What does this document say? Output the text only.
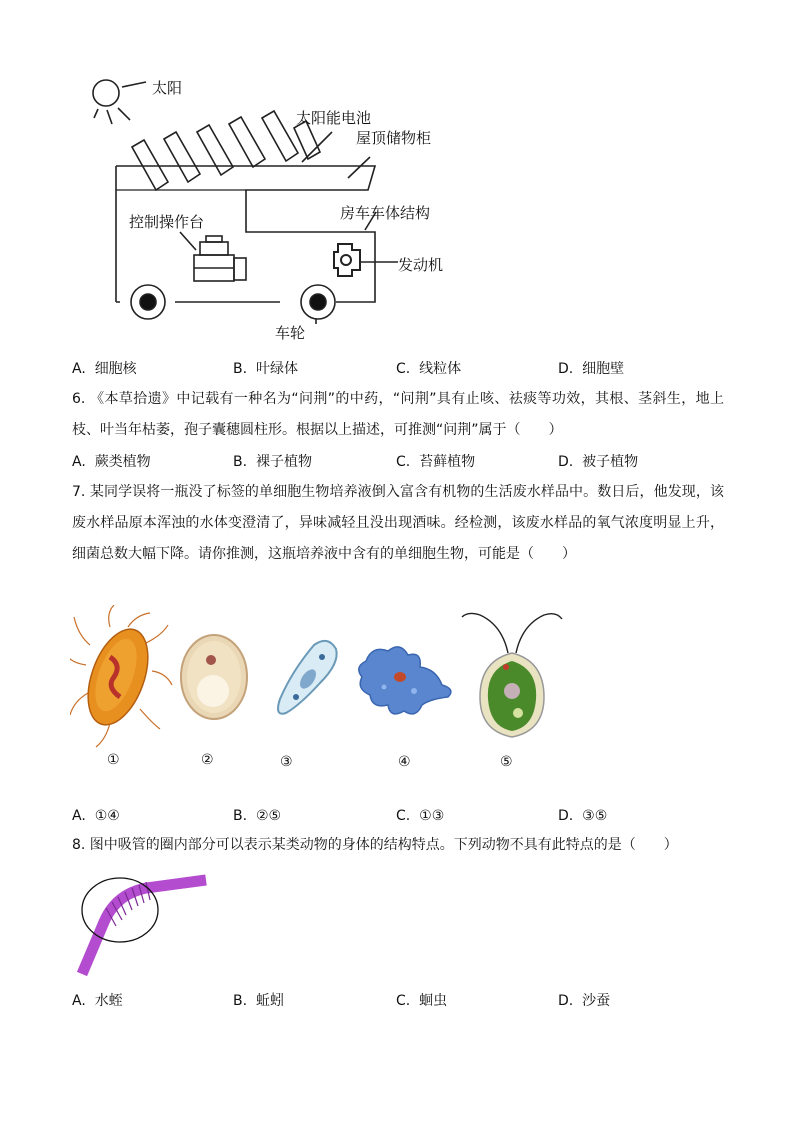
太阳
太阳能电池
屋顶储物柜
控制操作台	房车车体结构
发动机
车轮
A. 细胞核	B. 叶绿体	C. 线粒体	D. 细胞壁
6. 《本草拾遗》中记载有一种名为“问荆”的中药，“问荆”具有止咳、祛痰等功效，其根、茎斜生，地上枝、叶当年枯萎，孢子囊穗圆柱形。根据以上描述，可推测“问荆”属于（　　）
A. 蕨类植物	B. 裸子植物	C. 苔藓植物	D. 被子植物
7. 某同学误将一瓶没了标签的单细胞生物培养液倒入富含有机物的生活废水样品中。数日后，他发现，该废水样品原本浑浊的水体变澄清了，异味减轻且没出现酒味。经检测，该废水样品的氧气浓度明显上升，细菌总数大幅下降。请你推测，这瓶培养液中含有的单细胞生物，可能是（　　）
①	②	③	④	⑤
A. ①④	B. ②⑤	C. ①③	D. ③⑤
8. 图中吸管的圈内部分可以表示某类动物的身体的结构特点。下列动物不具有此特点的是（　　）
A. 水蛭	B. 蚯蚓	C. 蛔虫	D. 沙蚕
